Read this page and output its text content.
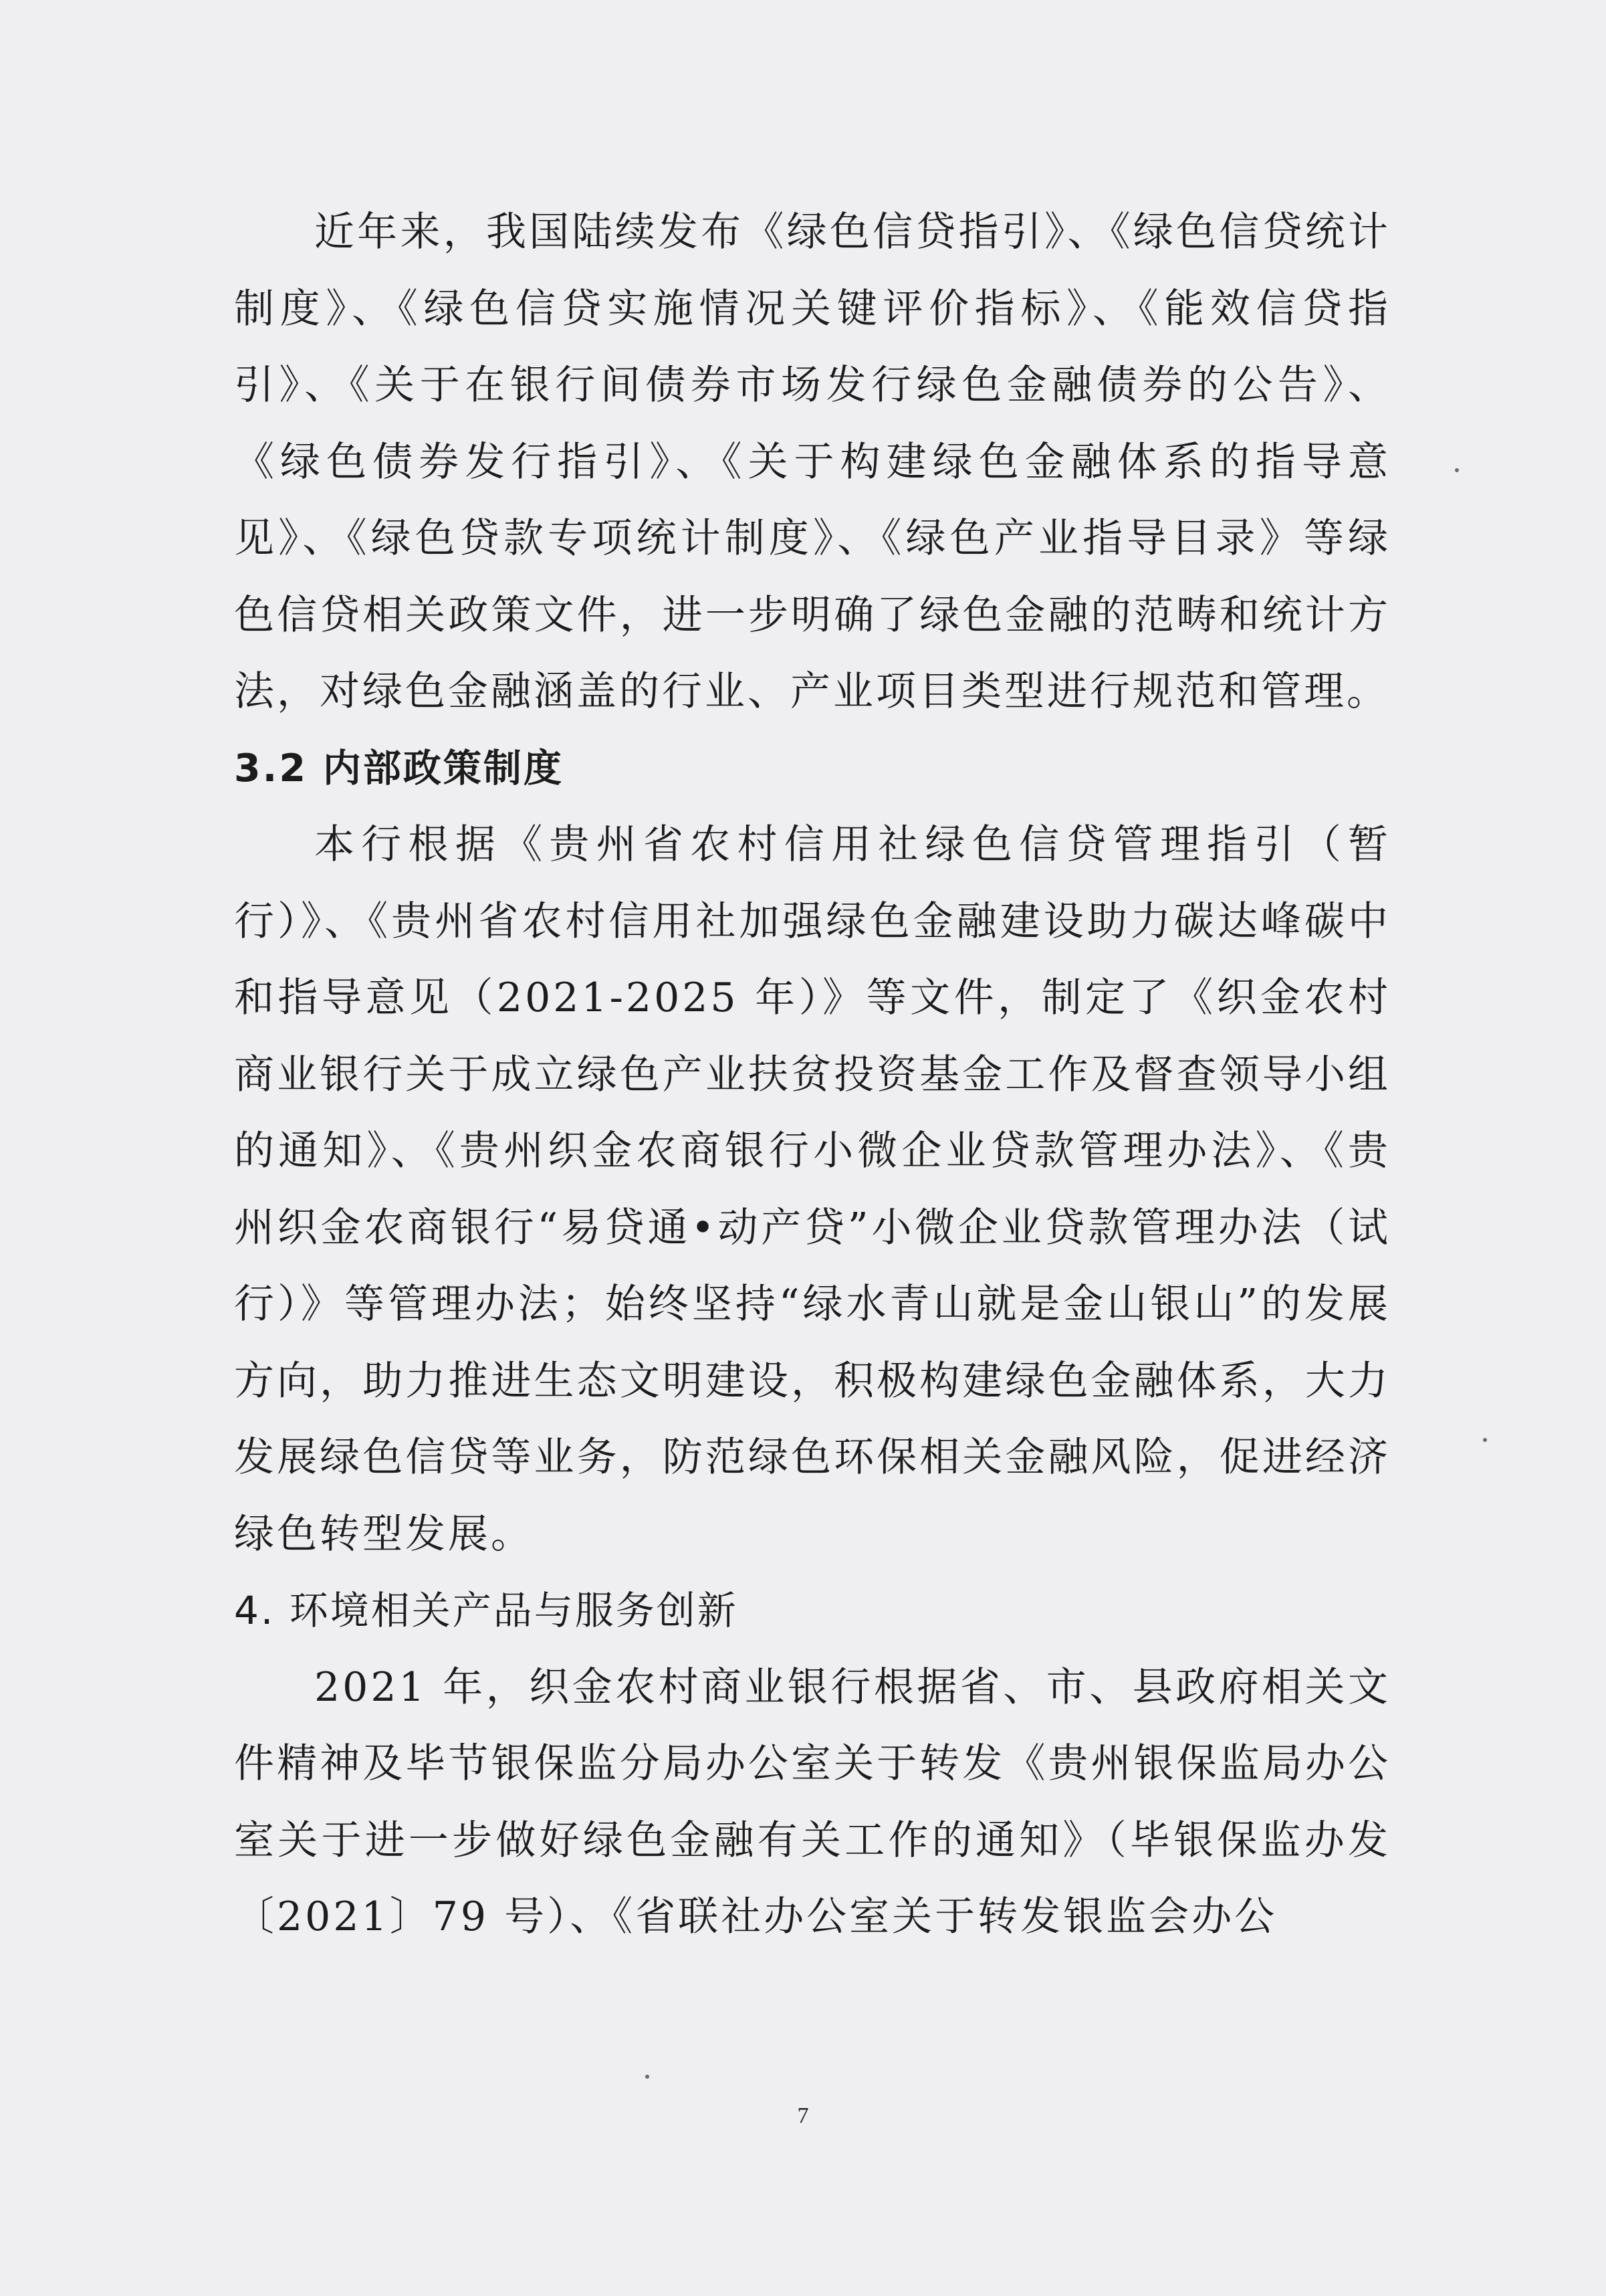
近年来，我国陆续发布《绿色信贷指引》、《绿色信贷统计制度》、《绿色信贷实施情况关键评价指标》、《能效信贷指引》、《关于在银行间债券市场发行绿色金融债券的公告》、《绿色债券发行指引》、《关于构建绿色金融体系的指导意见》、《绿色贷款专项统计制度》、《绿色产业指导目录》等绿色信贷相关政策文件，进一步明确了绿色金融的范畴和统计方法，对绿色金融涵盖的行业、产业项目类型进行规范和管理。

3.2 内部政策制度

本行根据《贵州省农村信用社绿色信贷管理指引（暂行）》、《贵州省农村信用社加强绿色金融建设助力碳达峰碳中和指导意见（2021-2025 年）》等文件，制定了《织金农村商业银行关于成立绿色产业扶贫投资基金工作及督查领导小组的通知》、《贵州织金农商银行小微企业贷款管理办法》、《贵州织金农商银行“易贷通•动产贷”小微企业贷款管理办法（试行）》等管理办法；始终坚持“绿水青山就是金山银山”的发展方向，助力推进生态文明建设，积极构建绿色金融体系，大力发展绿色信贷等业务，防范绿色环保相关金融风险，促进经济绿色转型发展。

4. 环境相关产品与服务创新

2021 年，织金农村商业银行根据省、市、县政府相关文件精神及毕节银保监分局办公室关于转发《贵州银保监局办公室关于进一步做好绿色金融有关工作的通知》（毕银保监办发〔2021〕79 号）、《省联社办公室关于转发银监会办公

7
